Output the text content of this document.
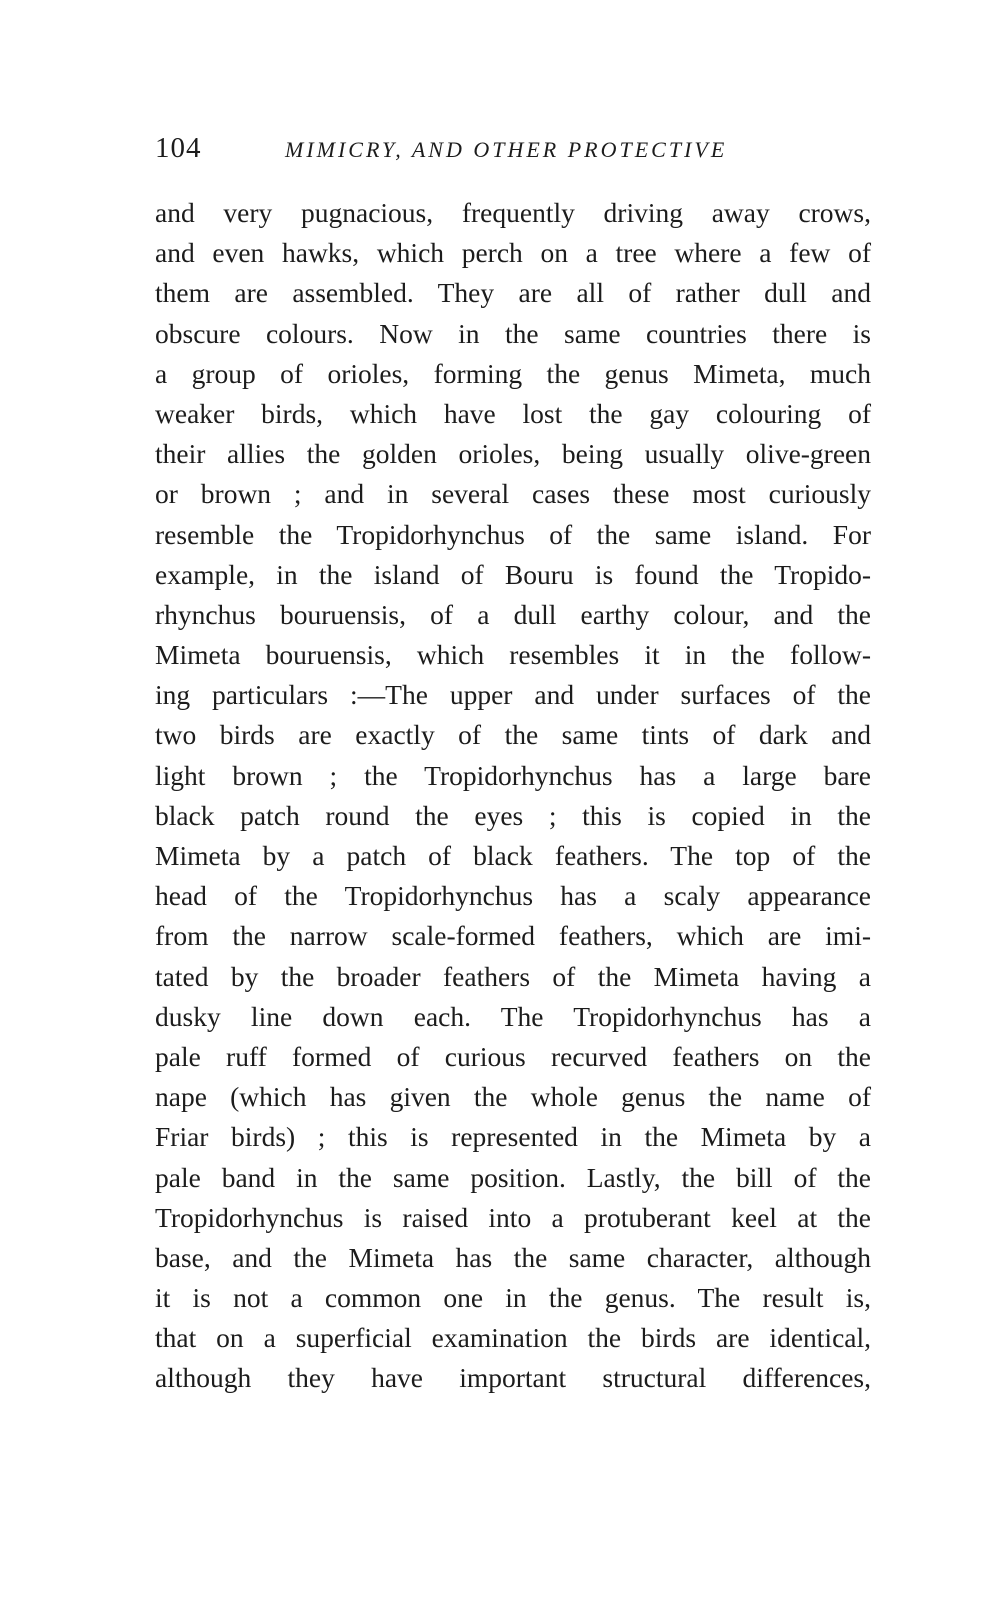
104	MIMICRY, AND OTHER PROTECTIVE
and very pugnacious, frequently driving away crows,
and even hawks, which perch on a tree where a few of
them are assembled. They are all of rather dull and
obscure colours. Now in the same countries there is
a group of orioles, forming the genus Mimeta, much
weaker birds, which have lost the gay colouring of
their allies the golden orioles, being usually olive-green
or brown ; and in several cases these most curiously
resemble the Tropidorhynchus of the same island. For
example, in the island of Bouru is found the Tropido-
rhynchus bouruensis, of a dull earthy colour, and the
Mimeta bouruensis, which resembles it in the follow-
ing particulars :—The upper and under surfaces of the
two birds are exactly of the same tints of dark and
light brown ; the Tropidorhynchus has a large bare
black patch round the eyes ; this is copied in the
Mimeta by a patch of black feathers. The top of the
head of the Tropidorhynchus has a scaly appearance
from the narrow scale-formed feathers, which are imi-
tated by the broader feathers of the Mimeta having a
dusky line down each. The Tropidorhynchus has a
pale ruff formed of curious recurved feathers on the
nape (which has given the whole genus the name of
Friar birds) ; this is represented in the Mimeta by a
pale band in the same position. Lastly, the bill of the
Tropidorhynchus is raised into a protuberant keel at the
base, and the Mimeta has the same character, although
it is not a common one in the genus. The result is,
that on a superficial examination the birds are identical,
although they have important structural differences,
